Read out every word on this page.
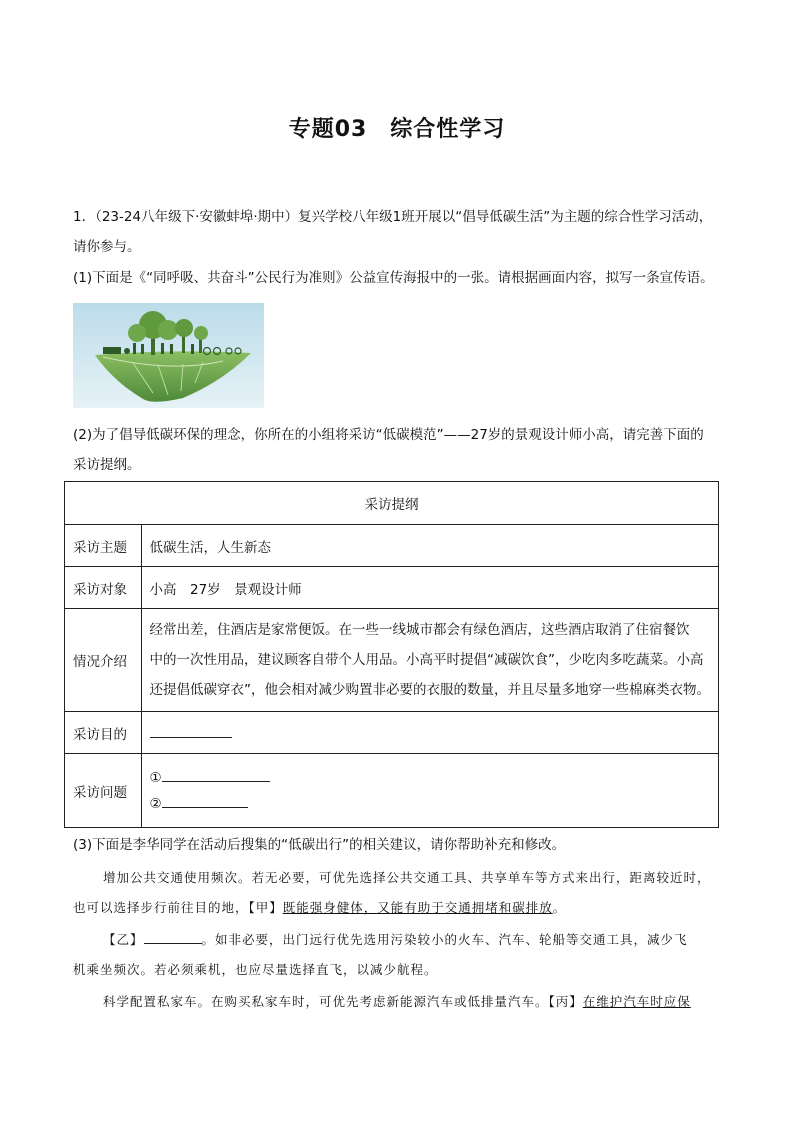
专题03　综合性学习
1．（23-24八年级下·安徽蚌埠·期中）复兴学校八年级1班开展以“倡导低碳生活”为主题的综合性学习活动，
请你参与。
(1)下面是《“同呼吸、共奋斗”公民行为准则》公益宣传海报中的一张。请根据画面内容，拟写一条宣传语。
(2)为了倡导低碳环保的理念，你所在的小组将采访“低碳模范”——27岁的景观设计师小高，请完善下面的
采访提纲。
采访提纲	
采访主题	低碳生活，人生新态
采访对象	小高　27岁　景观设计师
情况介绍	经常出差，住酒店是家常便饭。在一些一线城市都会有绿色酒店，这些酒店取消了住宿餐饮
中的一次性用品，建议顾客自带个人用品。小高平时提倡“减碳饮食”，少吃肉多吃蔬菜。小高
还提倡低碳穿衣”，他会相对减少购置非必要的衣服的数量，并且尽量多地穿一些棉麻类衣物。

采访目的	
采访问题	①
②
(3)下面是李华同学在活动后搜集的“低碳出行”的相关建议，请你帮助补充和修改。
增加公共交通使用频次。若无必要，可优先选择公共交通工具、共享单车等方式来出行，距离较近时，
也可以选择步行前往目的地，【甲】既能强身健体，又能有助于交通拥堵和碳排放。
【乙】	。如非必要，出门远行优先选用污染较小的火车、汽车、轮船等交通工具，减少飞
机乘坐频次。若必须乘机，也应尽量选择直飞，以减少航程。
科学配置私家车。在购买私家车时，可优先考虑新能源汽车或低排量汽车。【丙】在维护汽车时应保
